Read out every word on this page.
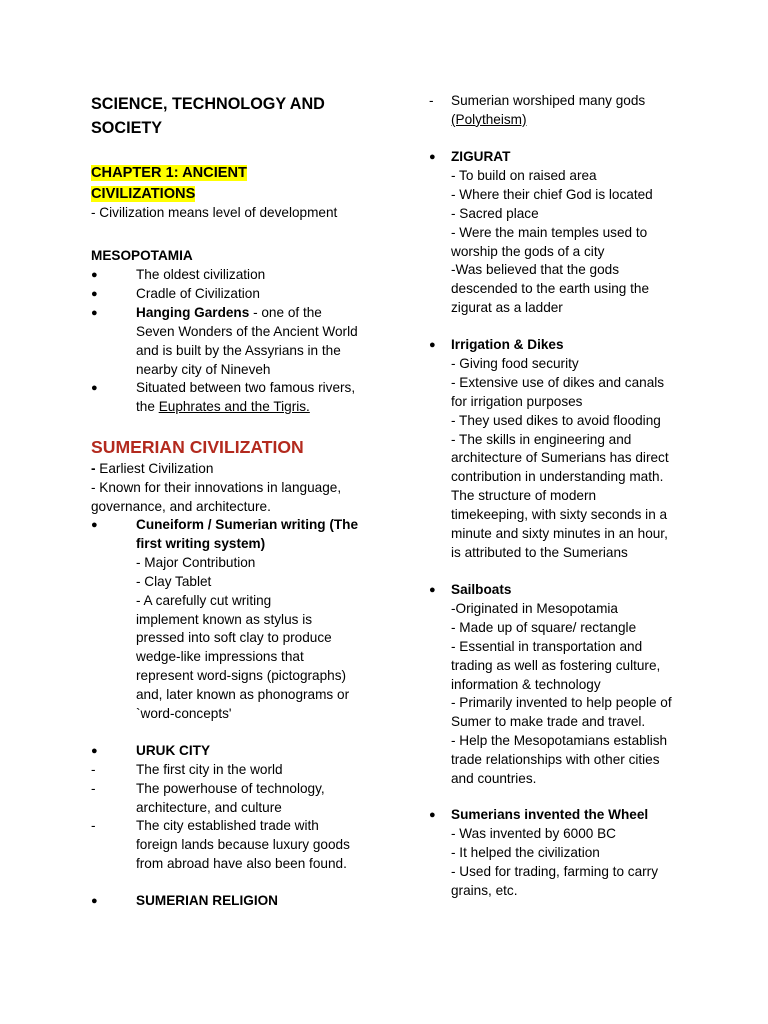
SCIENCE, TECHNOLOGY AND
SOCIETY
CHAPTER 1: ANCIENT
CIVILIZATIONS
- Civilization means level of development
MESOPOTAMIA
●	The oldest civilization
●	Cradle of Civilization
●	Hanging Gardens - one of the
Seven Wonders of the Ancient World
and is built by the Assyrians in the
nearby city of Nineveh
●	Situated between two famous rivers,
the Euphrates and the Tigris.
SUMERIAN CIVILIZATION
- Earliest Civilization
- Known for their innovations in language,
governance, and architecture.
●	Cuneiform / Sumerian writing (The
first writing system)
- Major Contribution
- Clay Tablet
- A carefully cut writing
implement known as stylus is
pressed into soft clay to produce
wedge-like impressions that
represent word-signs (pictographs)
and, later known as phonograms or
`word-concepts'
●	URUK CITY
-	The first city in the world
-	The powerhouse of technology,
architecture, and culture
-	The city established trade with
foreign lands because luxury goods
from abroad have also been found.
●	SUMERIAN RELIGION
-	Sumerian worshiped many gods
(Polytheism)
●	ZIGURAT
- To build on raised area
- Where their chief God is located
- Sacred place
- Were the main temples used to
worship the gods of a city
-Was believed that the gods
descended to the earth using the
zigurat as a ladder
●	Irrigation & Dikes
- Giving food security
- Extensive use of dikes and canals
for irrigation purposes
- They used dikes to avoid flooding
- The skills in engineering and
architecture of Sumerians has direct
contribution in understanding math.
The structure of modern
timekeeping, with sixty seconds in a
minute and sixty minutes in an hour,
is attributed to the Sumerians
●	Sailboats
-Originated in Mesopotamia
- Made up of square/ rectangle
- Essential in transportation and
trading as well as fostering culture,
information & technology
- Primarily invented to help people of
Sumer to make trade and travel.
- Help the Mesopotamians establish
trade relationships with other cities
and countries.
●	Sumerians invented the Wheel
- Was invented by 6000 BC
- It helped the civilization
- Used for trading, farming to carry
grains, etc.
